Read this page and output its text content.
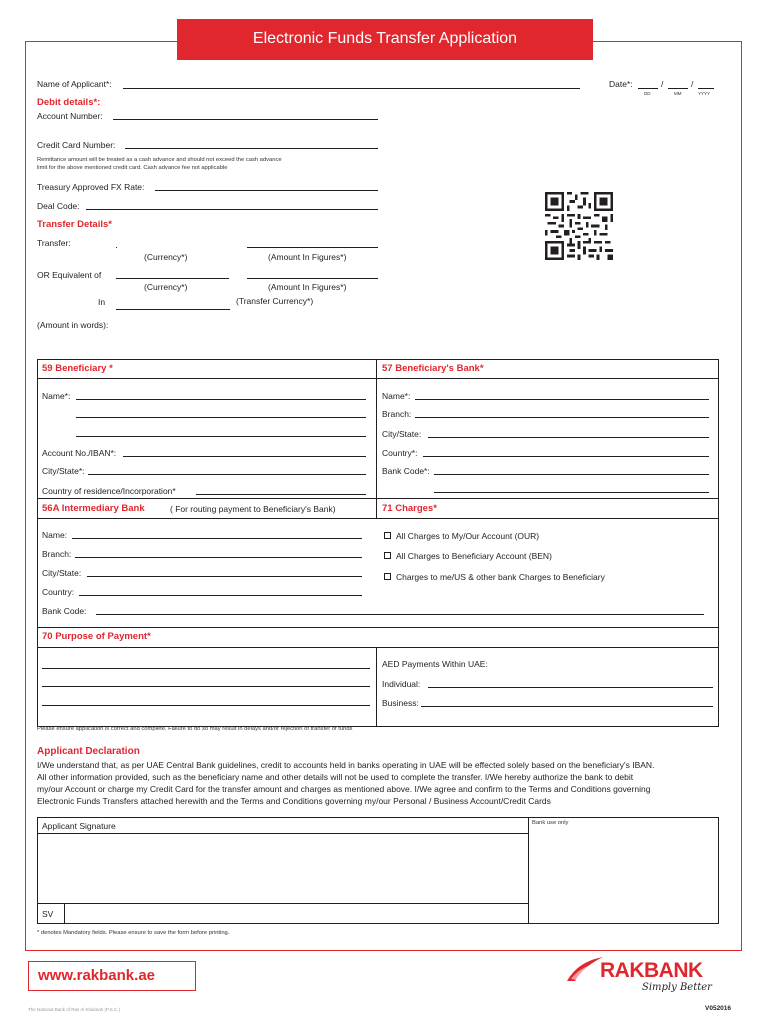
Electronic Funds Transfer Application
Name of Applicant*:	Date*:	/	/
DD	MM	YYYY
Debit details*:
Account Number:
Credit Card Number:
Remittance amount will be treated as a cash advance and should not exceed the cash advance
limit for the above mentioned credit card. Cash advance fee not applicable
Treasury Approved FX Rate:
Deal Code:
Transfer Details*
Transfer:
(Currency*)	(Amount In Figures*)
OR Equivalent of
(Currency*)	(Amount In Figures*)
In	(Transfer Currency*)
(Amount in words):
59 Beneficiary *
Name*:
Account No./IBAN*:
City/State*:
Country of residence/Incorporation*
57 Beneficiary's Bank*
Name*:
Branch:
City/State:
Country*:
Bank Code*:
56A Intermediary Bank	( For routing payment to Beneficiary's Bank)
Name:
Branch:
City/State:
Country:
Bank Code:
71 Charges*
All Charges to My/Our Account (OUR)
All Charges to Beneficiary Account (BEN)
Charges to me/US & other bank Charges to Beneficiary
70 Purpose of Payment*
AED Payments Within UAE:
Individual:
Business:
Please ensure application is correct and complete. Failure to do so may result in delays and/or rejection of transfer of funds
Applicant Declaration
I/We understand that, as per UAE Central Bank guidelines, credit to accounts held in banks operating in UAE will be effected solely based on the beneficiary's IBAN.
All other information provided, such as the beneficiary name and other details will not be used to complete the transfer. I/We hereby authorize the bank to debit
my/our Account or charge my Credit Card for the transfer amount and charges as mentioned above. I/We agree and confirm to the Terms and Conditions governing
Electronic Funds Transfers attached herewith and the Terms and Conditions governing my/our Personal / Business Account/Credit Cards
Applicant Signature	Bank use only
SV
* denotes Mandatory fields. Please ensure to save the form before printing.
www.rakbank.ae
The National Bank of Ras Al Khaimah (P.S.C.)
RAKBANK
Simply Better
V052016
